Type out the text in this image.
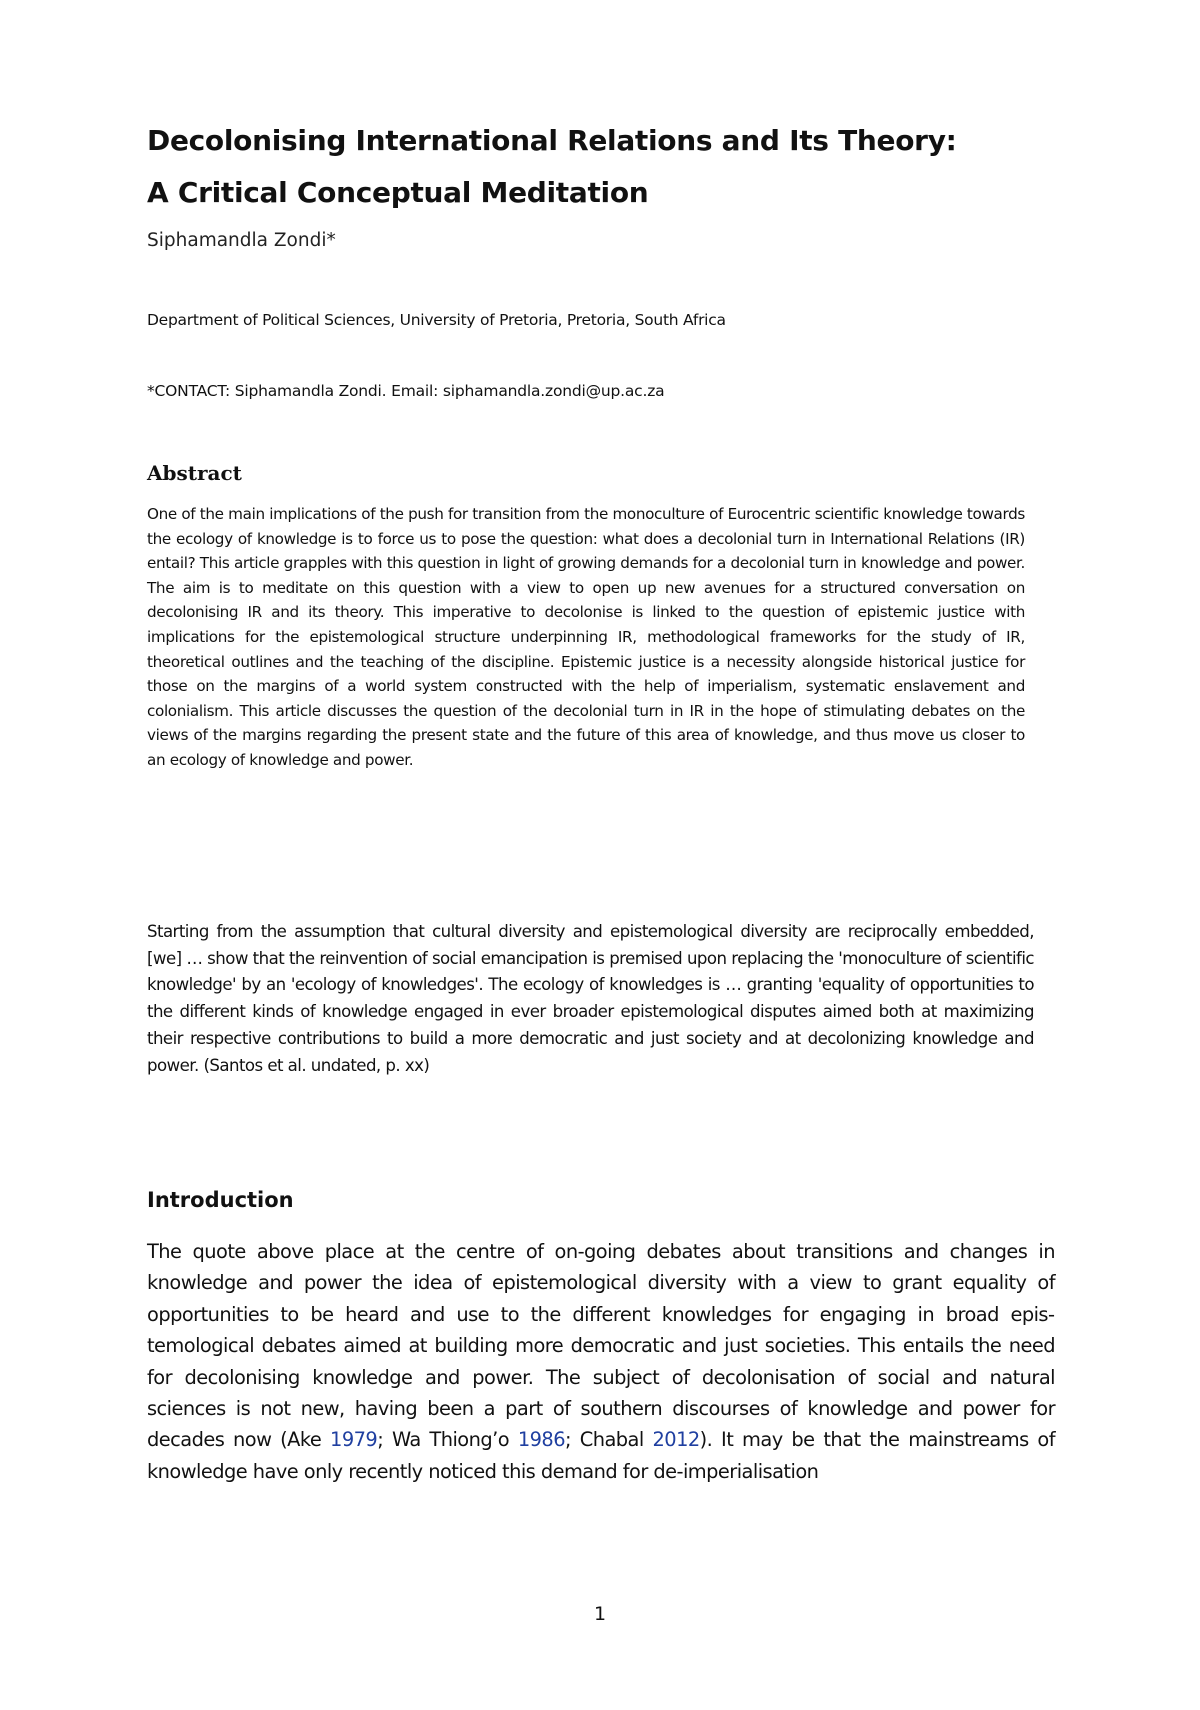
Decolonising International Relations and Its Theory:
A Critical Conceptual Meditation
Siphamandla Zondi*
Department of Political Sciences, University of Pretoria, Pretoria, South Africa
*CONTACT: Siphamandla Zondi. Email: siphamandla.zondi@up.ac.za
Abstract

One of the main implications of the push for transition from the monoculture of Eurocentric scientific knowledge towards the ecology of knowledge is to force us to pose the question: what does a decolonial turn in International Relations (IR) entail? This article grapples with this question in light of growing demands for a decolonial turn in knowledge and power. The aim is to meditate on this question with a view to open up new avenues for a structured conversation on decolonising IR and its theory. This imperative to decolonise is linked to the question of epistemic justice with implications for the epistemological structure underpinning IR, methodological frameworks for the study of IR, theoretical outlines and the teaching of the discipline. Epistemic justice is a necessity alongside historical justice for those on the margins of a world system constructed with the help of imperialism, systematic enslavement and colonialism. This article discusses the question of the decolonial turn in IR in the hope of stimulating debates on the views of the margins regarding the present state and the future of this area of knowledge, and thus move us closer to an ecology of knowledge and power.

Starting from the assumption that cultural diversity and epistemological diversity are reciprocally embedded, [we] … show that the reinvention of social emancipation is premised upon replacing the 'monoculture of scientific knowledge' by an 'ecology of knowledges'. The ecology of knowledges is … granting 'equality of opportunities to the different kinds of knowledge engaged in ever broader epistemological disputes aimed both at maximizing their respective contributions to build a more democratic and just society and at decolonizing knowledge and power. (Santos et al. undated, p. xx)

Introduction

The quote above place at the centre of on-going debates about transitions and changes in knowledge and power the idea of epistemological diversity with a view to grant equality of opportunities to be heard and use to the different knowledges for engaging in broad epistemological debates aimed at building more democratic and just societies. This entails the need for decolonising knowledge and power. The subject of decolonisation of social and natural sciences is not new, having been a part of southern discourses of knowledge and power for decades now (Ake 1979; Wa Thiong’o 1986; Chabal 2012). It may be that the mainstreams of knowledge have only recently noticed this demand for de-imperialisation

1
